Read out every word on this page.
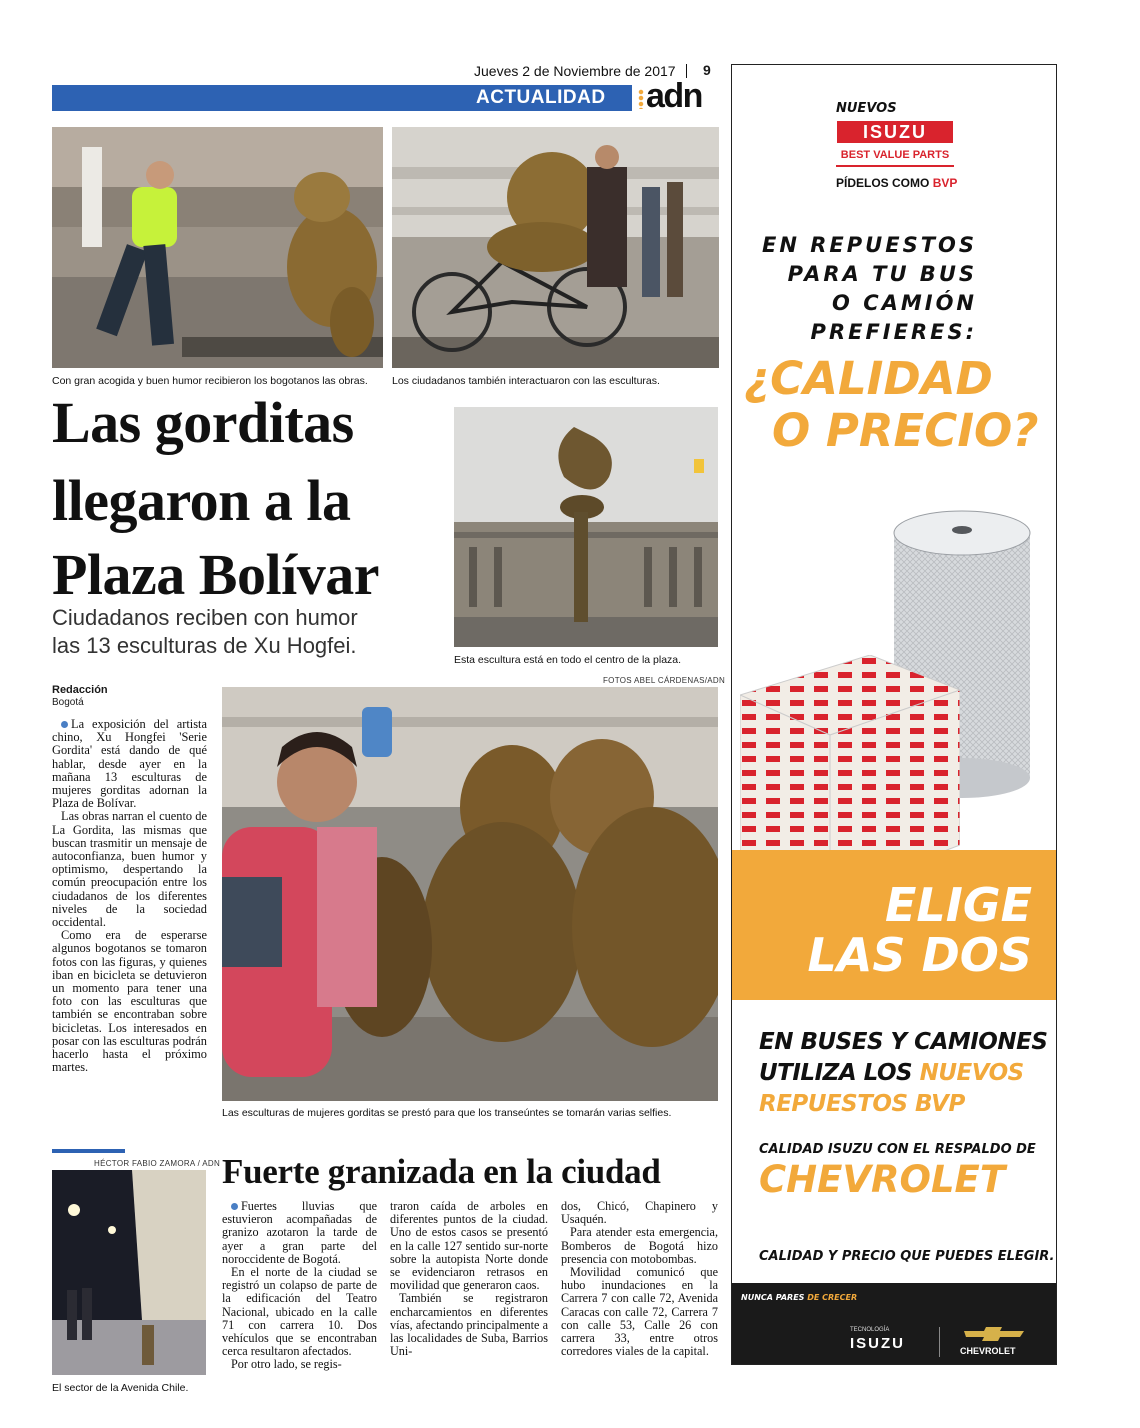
Jueves 2 de Noviembre de 2017 9
ACTUALIDAD adn
Con gran acogida y buen humor recibieron los bogotanos las obras. Los ciudadanos también interactuaron con las esculturas.
Las gorditas
llegaron a la
Plaza Bolívar
Ciudadanos reciben con humor
las 13 esculturas de Xu Hogfei.
Esta escultura está en todo el centro de la plaza.
Redacción
Bogotá

La exposición del artista chino, Xu Hongfei 'Serie Gordita' está dando de qué hablar, desde ayer en la mañana 13 esculturas de mujeres gorditas adornan la Plaza de Bolívar.

Las obras narran el cuento de La Gordita, las mismas que buscan trasmitir un mensaje de autoconfianza, buen humor y optimismo, despertando la común preocupación entre los ciudadanos de los diferentes niveles de la sociedad occidental.

Como era de esperarse algunos bogotanos se tomaron fotos con las figuras, y quienes iban en bicicleta se detuvieron un momento para tener una foto con las esculturas que también se encontraban sobre bicicletas. Los interesados en posar con las esculturas podrán hacerlo hasta el próximo martes.

FOTOS ABEL CÁRDENAS/ADN
Las esculturas de mujeres gorditas se prestó para que los transeúntes se tomarán varias selfies.
HÉCTOR FABIO ZAMORA / ADN
El sector de la Avenida Chile.
Fuerte granizada en la ciudad

Fuertes lluvias que estuvieron acompañadas de granizo azotaron la tarde de ayer a gran parte del noroccidente de Bogotá.

En el norte de la ciudad se registró un colapso de parte de la edificación del Teatro Nacional, ubicado en la calle 71 con carrera 10. Dos vehículos que se encontraban cerca resultaron afectados.

Por otro lado, se regis-

traron caída de arboles en diferentes puntos de la ciudad. Uno de estos casos se presentó en la calle 127 sentido sur-norte sobre la autopista Norte donde se evidenciaron retrasos en movilidad que generaron caos.

También se registraron encharcamientos en diferentes vías, afectando principalmente a las localidades de Suba, Barrios Uni-

dos, Chicó, Chapinero y Usaquén.

Para atender esta emergencia, Bomberos de Bogotá hizo presencia con motobombas.

Movilidad comunicó que hubo inundaciones en la Carrera 7 con calle 72, Avenida Caracas con calle 72, Carrera 7 con calle 53, Calle 26 con carrera 33, entre otros corredores viales de la capital.

NUEVOS
ISUZU
BEST VALUE PARTS
PÍDELOS COMO BVP
EN REPUESTOS
PARA TU BUS
O CAMIÓN
PREFIERES:
¿CALIDAD
O PRECIO?
ELIGE
LAS DOS
EN BUSES Y CAMIONES
UTILIZA LOS NUEVOS
REPUESTOS BVP
CALIDAD ISUZU CON EL RESPALDO DE
CHEVROLET
CALIDAD Y PRECIO QUE PUEDES ELEGIR.
NUNCA PARES DE CRECER
TECNOLOGÍA
ISUZU	CHEVROLET
